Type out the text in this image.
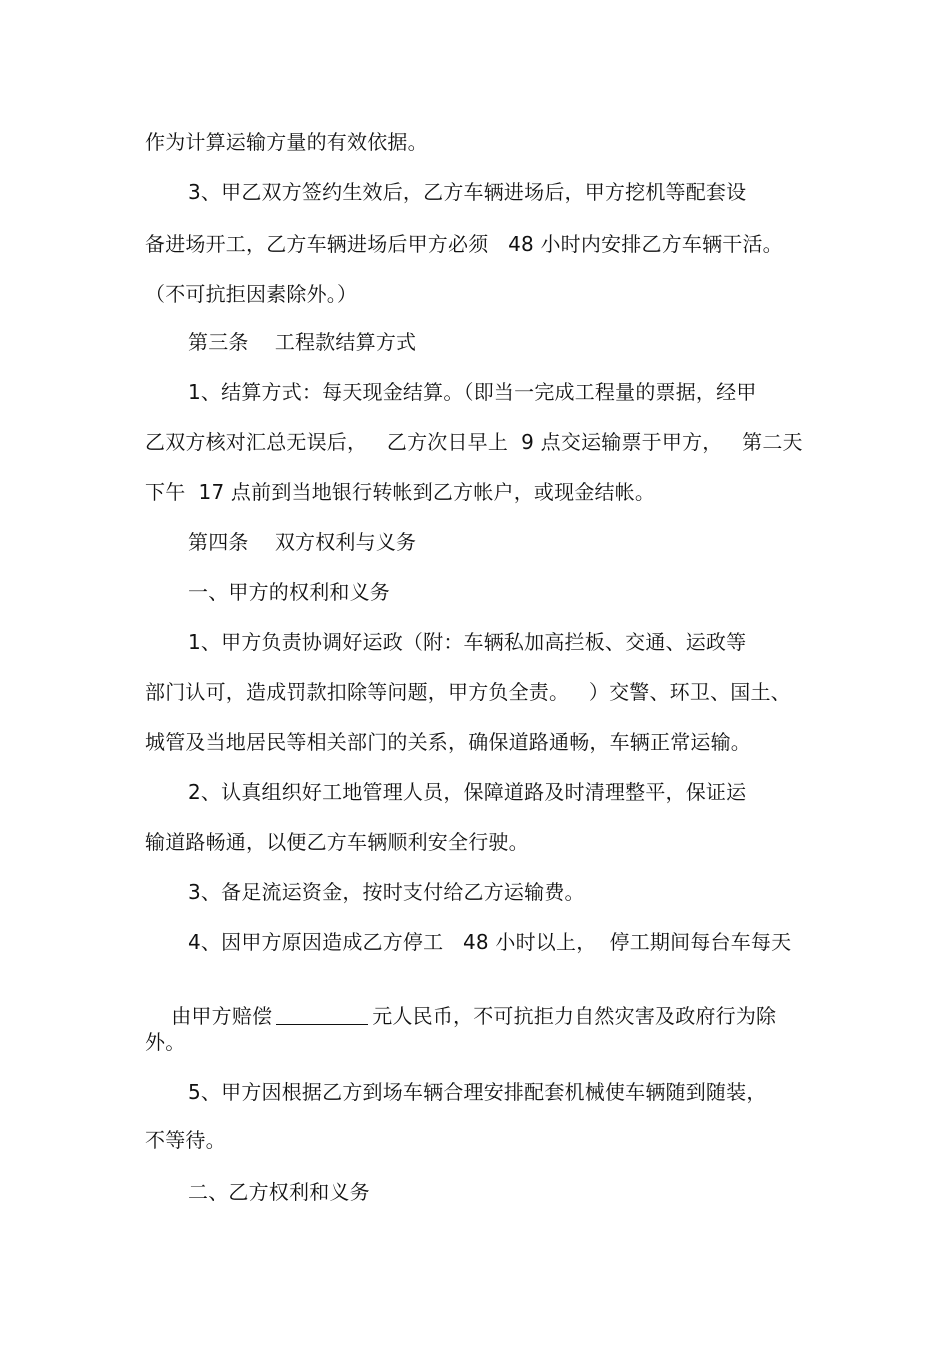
作为计算运输方量的有效依据。
3、甲乙双方签约生效后，乙方车辆进场后，甲方挖机等配套设
备进场开工，乙方车辆进场后甲方必须   48 小时内安排乙方车辆干活。
（不可抗拒因素除外。）
第三条    工程款结算方式
1、结算方式：每天现金结算。（即当一完成工程量的票据，经甲
乙双方核对汇总无误后，   乙方次日早上  9 点交运输票于甲方，   第二天
下午  17 点前到当地银行转帐到乙方帐户，或现金结帐。
第四条    双方权利与义务
一、甲方的权利和义务
1、甲方负责协调好运政（附：车辆私加高拦板、交通、运政等
部门认可，造成罚款扣除等问题，甲方负全责。   ）交警、环卫、国土、
城管及当地居民等相关部门的关系，确保道路通畅，车辆正常运输。
2、认真组织好工地管理人员，保障道路及时清理整平，保证运
输道路畅通，以便乙方车辆顺利安全行驶。
3、备足流运资金，按时支付给乙方运输费。
4、因甲方原因造成乙方停工   48 小时以上，  停工期间每台车每天

由甲方赔偿	元人民币，不可抗拒力自然灾害及政府行为除

外。
5、甲方因根据乙方到场车辆合理安排配套机械使车辆随到随装，
不等待。
二、乙方权利和义务
